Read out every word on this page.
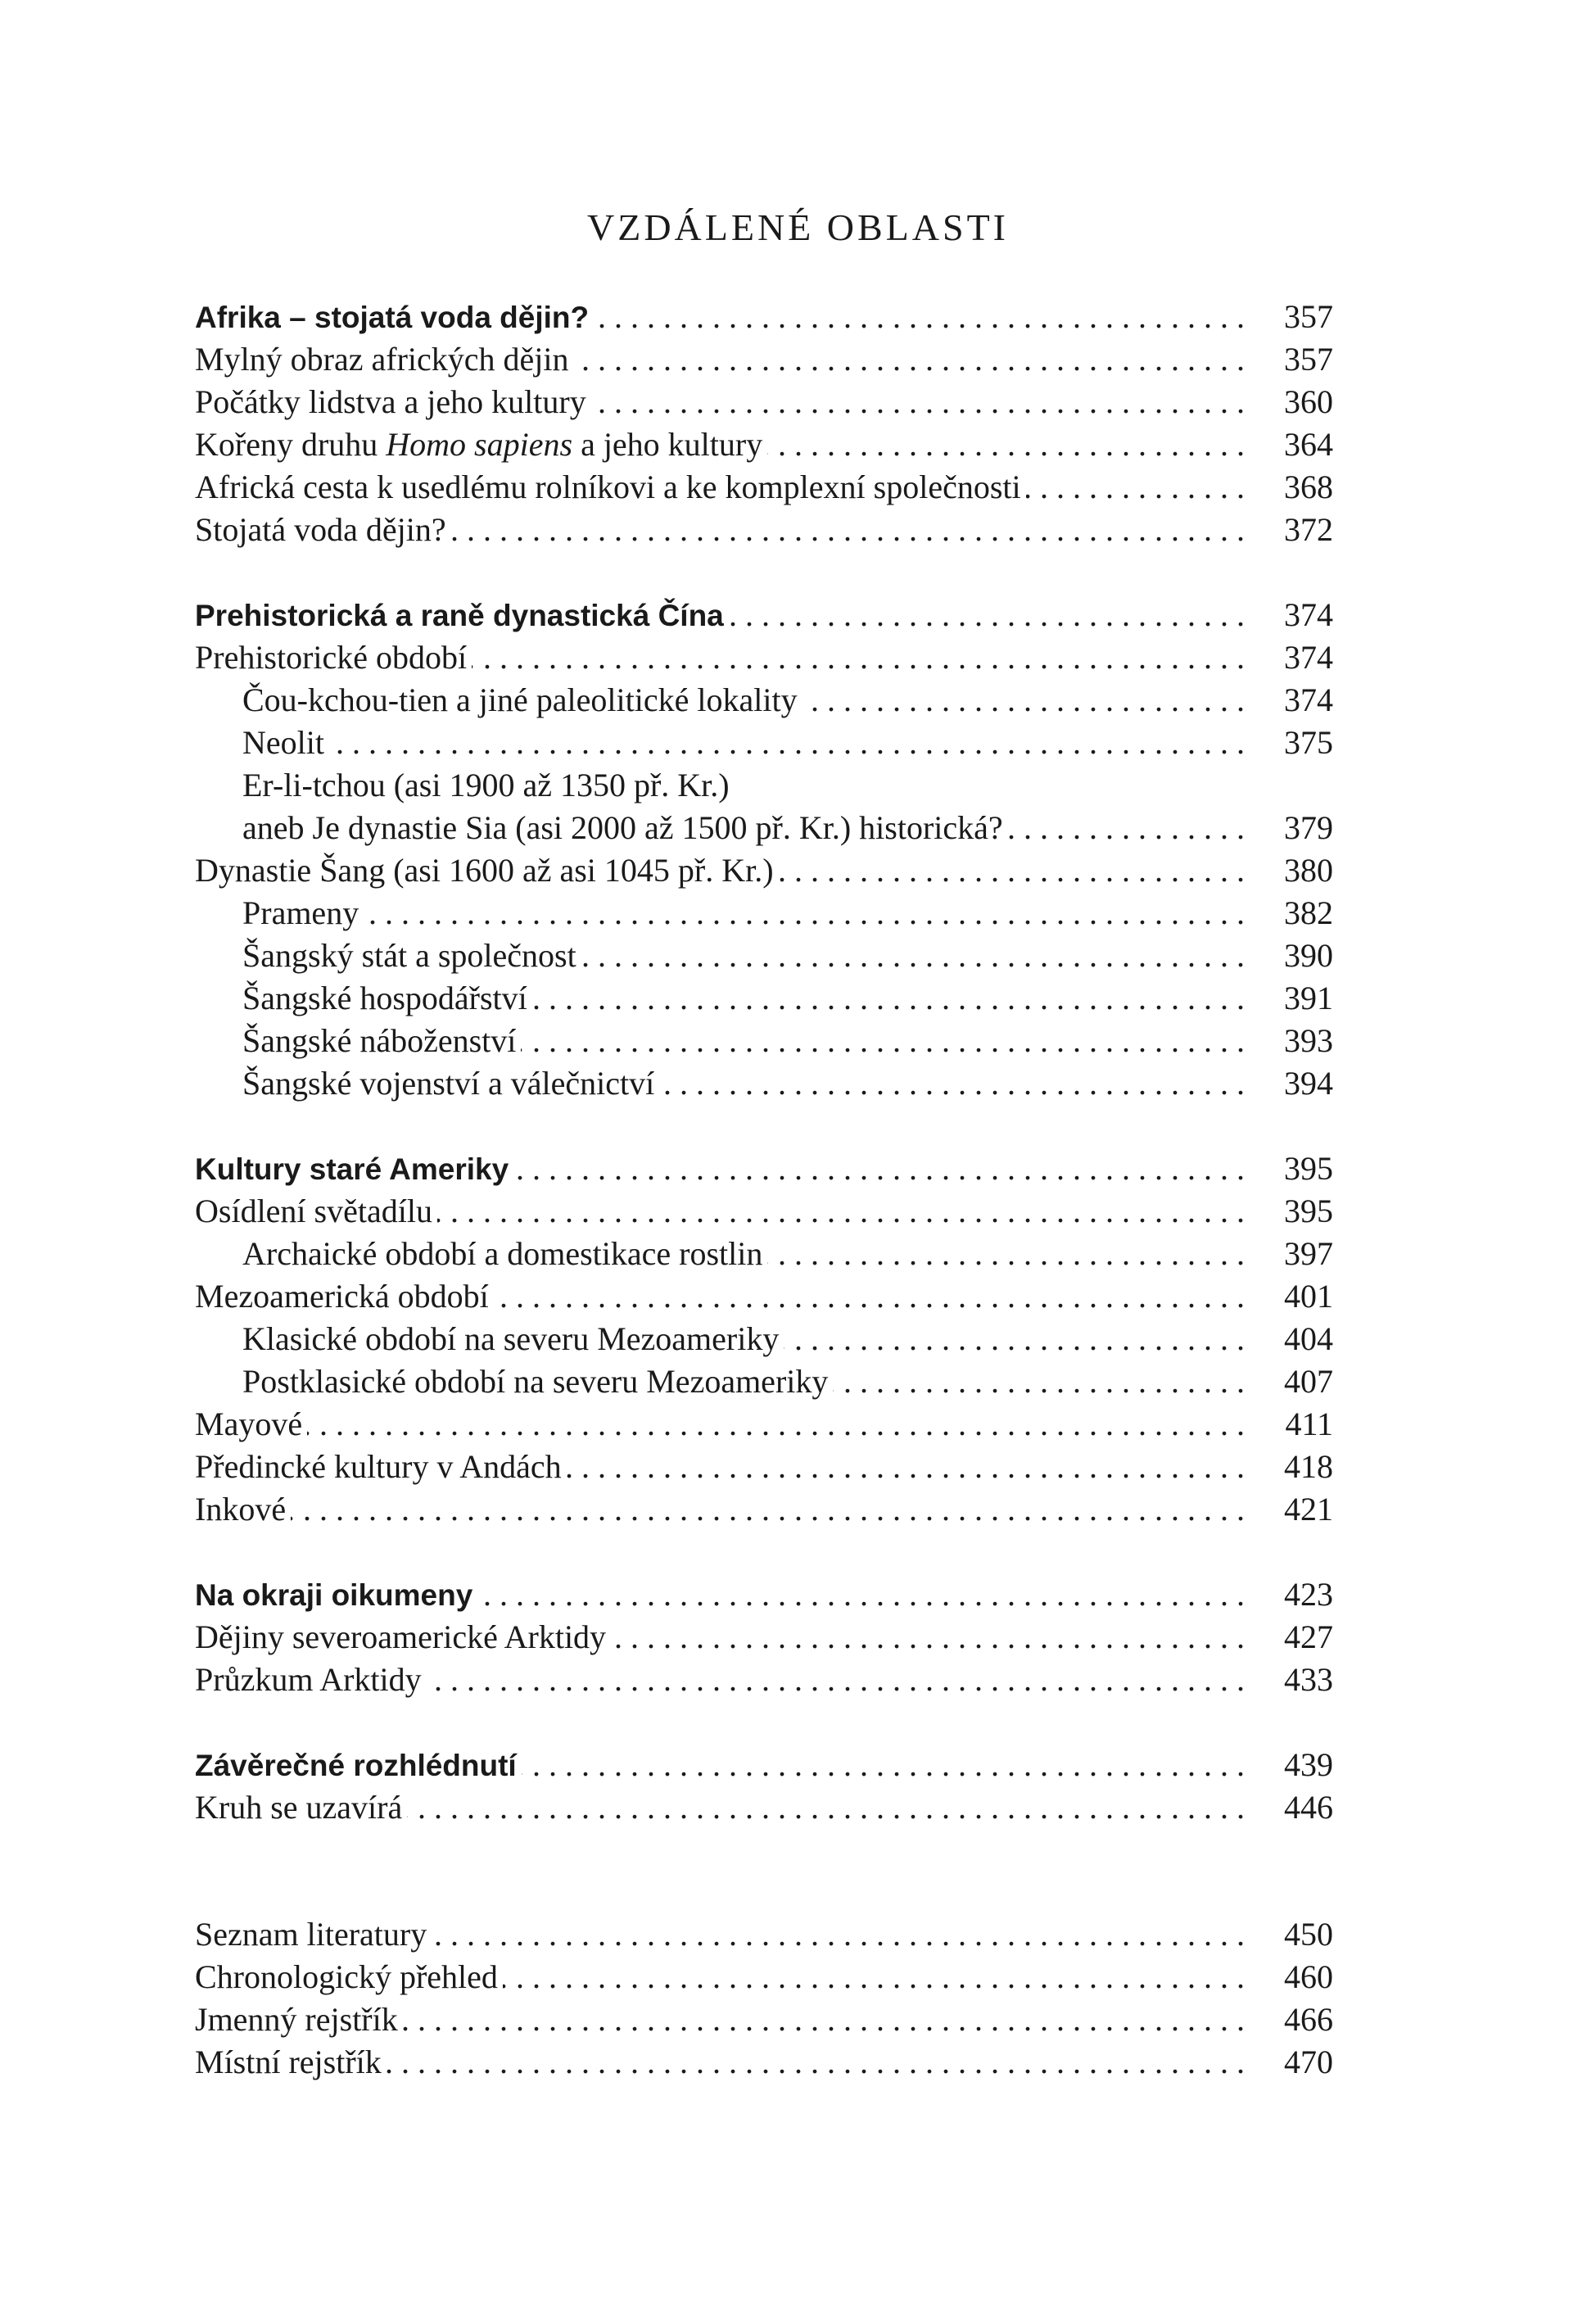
VZDÁLENÉ OBLASTI
Afrika – stojatá voda dějin? . . .	357
Mylný obraz afrických dějin . . .	357
Počátky lidstva a jeho kultury . . .	360
Kořeny druhu Homo sapiens a jeho kultury . . .	364
Africká cesta k usedlému rolníkovi a ke komplexní společnosti . . .	368
Stojatá voda dějin? . . .	372
Prehistorická a raně dynastická Čína . . .	374
Prehistorické období . . .	374
Čou-kchou-tien a jiné paleolitické lokality . . .	374
Neolit . . .	375
Er-li-tchou (asi 1900 až 1350 př. Kr.)
aneb Je dynastie Sia (asi 2000 až 1500 př. Kr.) historická? . . .	379
Dynastie Šang (asi 1600 až asi 1045 př. Kr.) . . .	380
Prameny . . .	382
Šangský stát a společnost . . .	390
Šangské hospodářství . . .	391
Šangské náboženství . . .	393
Šangské vojenství a válečnictví . . .	394
Kultury staré Ameriky . . .	395
Osídlení světadílu . . .	395
Archaické období a domestikace rostlin . . .	397
Mezoamerická období . . .	401
Klasické období na severu Mezoameriky . . .	404
Postklasické období na severu Mezoameriky . . .	407
Mayové . . .	411
Předincké kultury v Andách . . .	418
Inkové . . .	421
Na okraji oikumeny . . .	423
Dějiny severoamerické Arktidy . . .	427
Průzkum Arktidy . . .	433
Závěrečné rozhlédnutí . . .	439
Kruh se uzavírá . . .	446
Seznam literatury . . .	450
Chronologický přehled . . .	460
Jmenný rejstřík . . .	466
Místní rejstřík . . .	470
